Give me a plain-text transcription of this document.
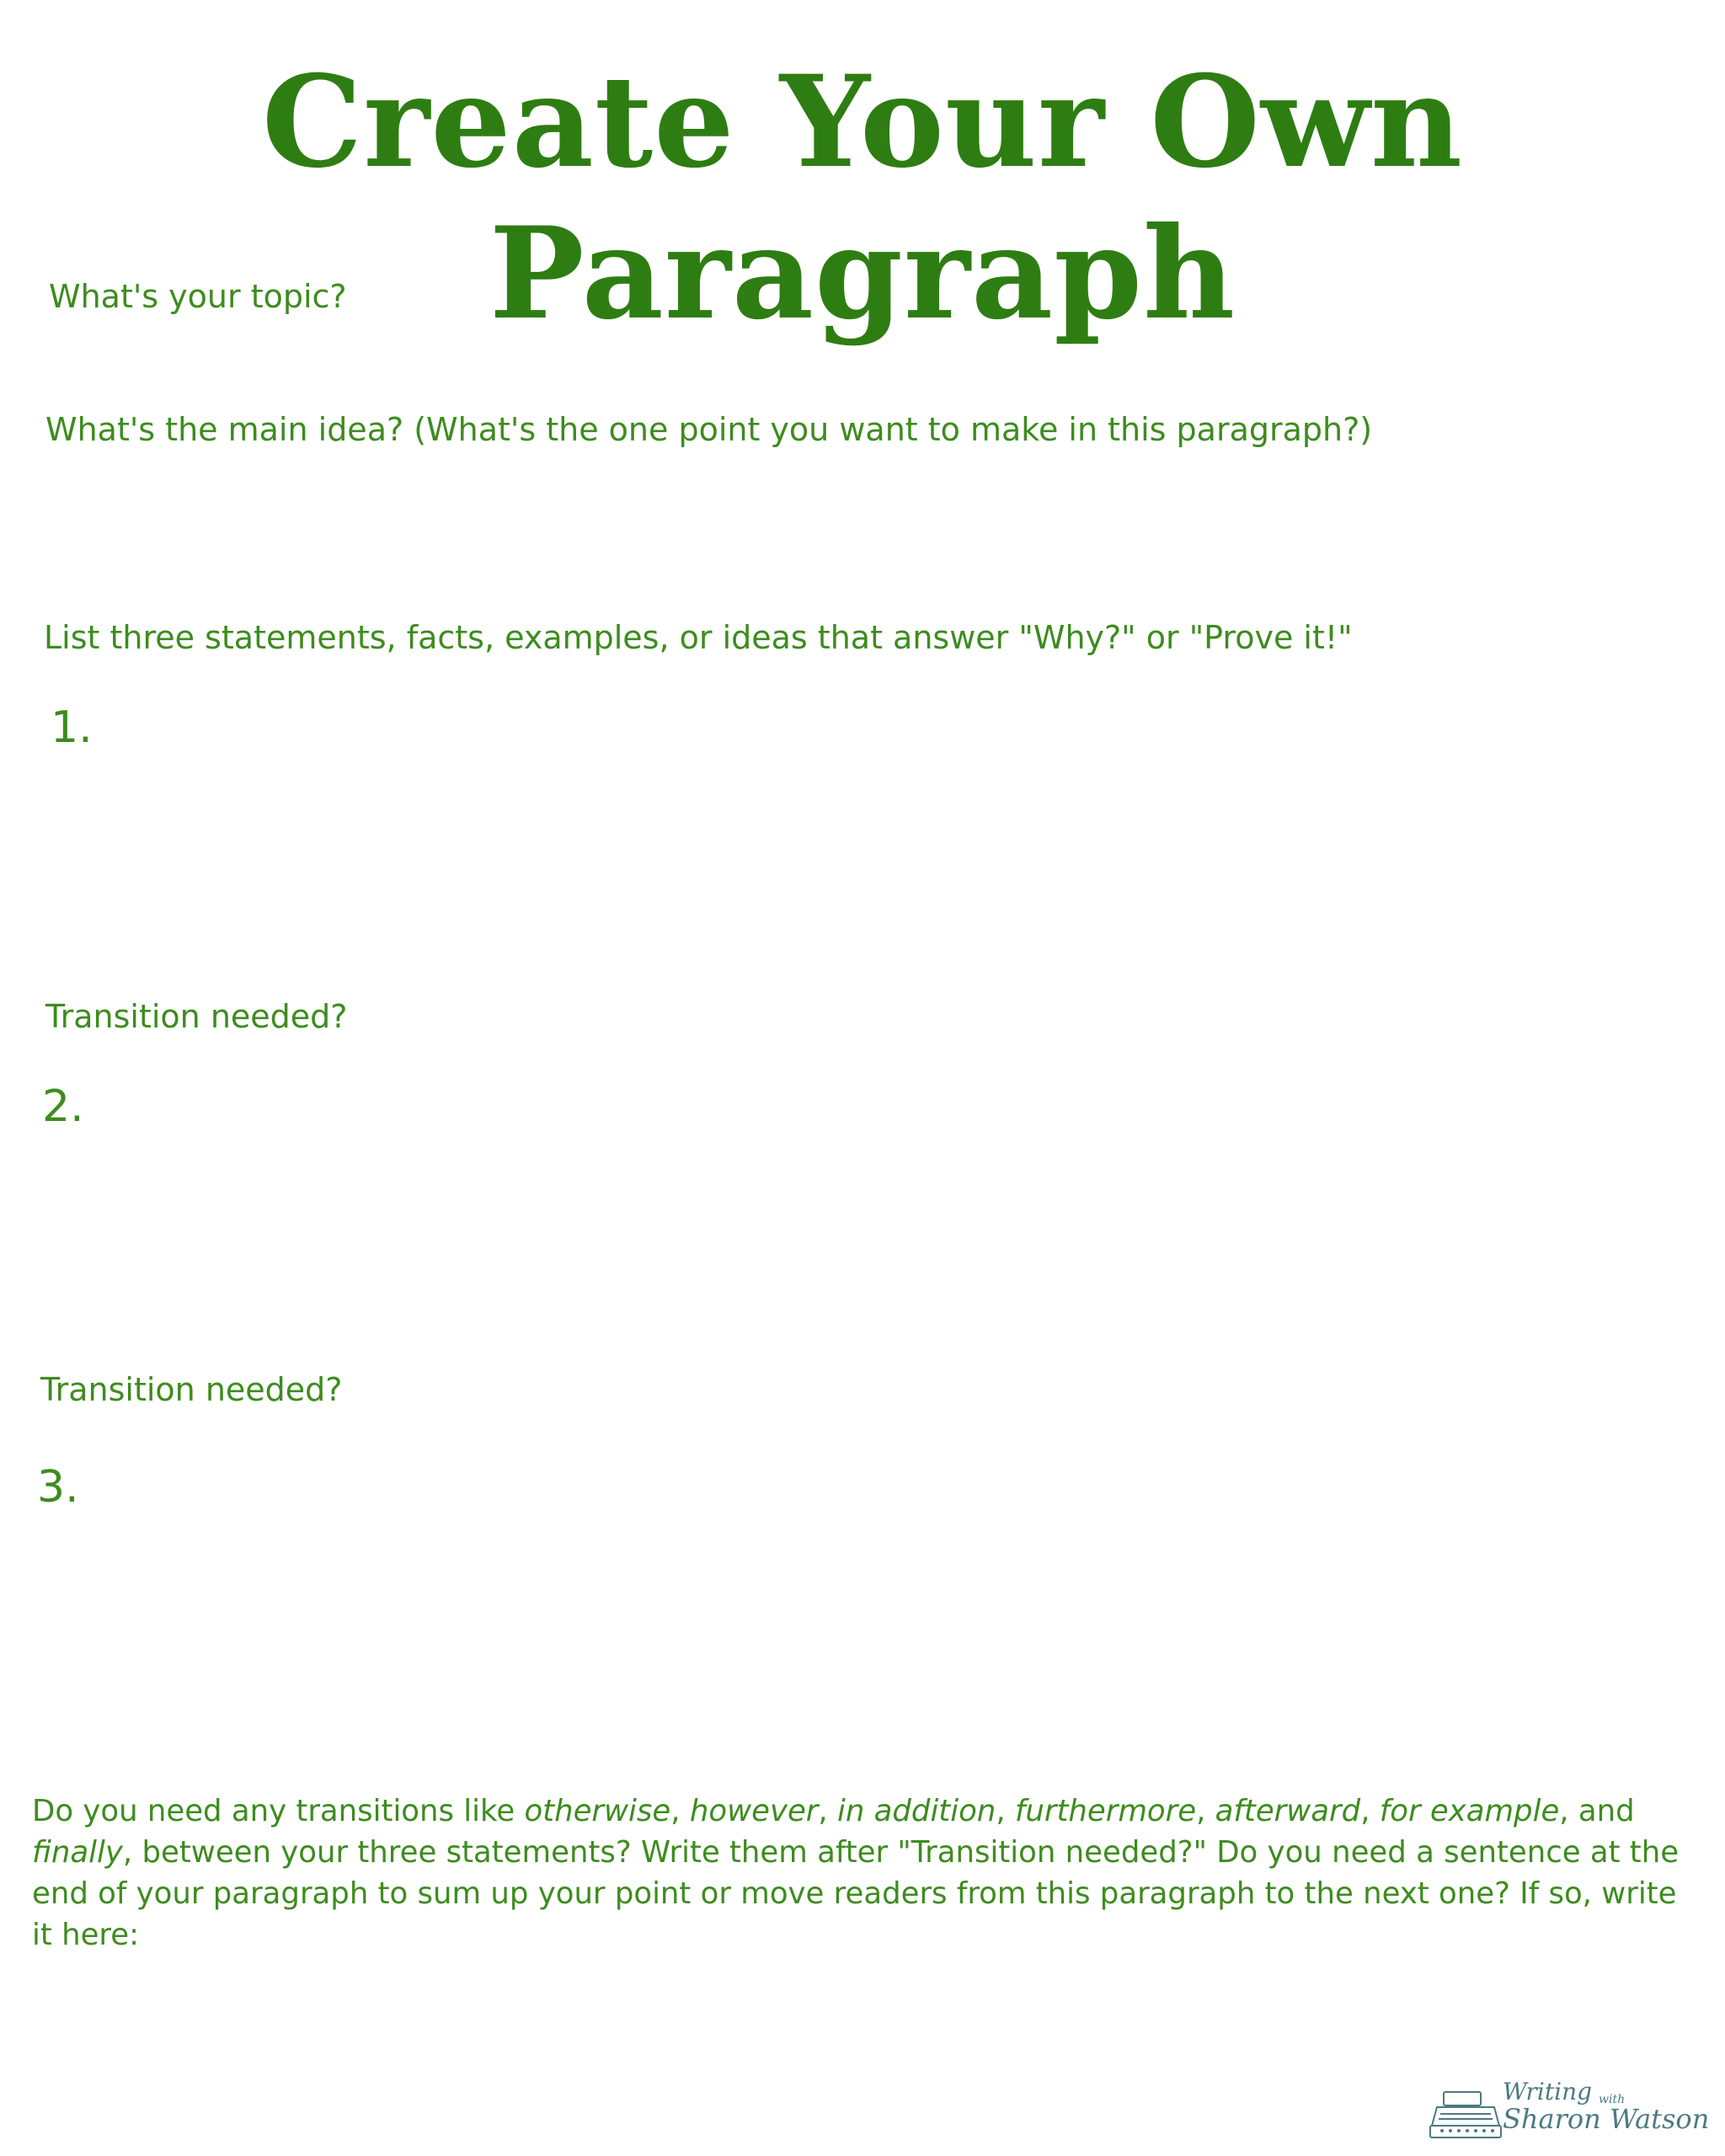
Create Your Own Paragraph

What's your topic?

What's the main idea? (What's the one point you want to make in this paragraph?)

List three statements, facts, examples, or ideas that answer "Why?" or "Prove it!"

1.

Transition needed?

2.

Transition needed?

3.

Do you need any transitions like otherwise, however, in addition, furthermore, afterward, for example, and finally, between your three statements? Write them after "Transition needed?" Do you need a sentence at the end of your paragraph to sum up your point or move readers from this paragraph to the next one? If so, write it here:

Writing with
Sharon Watson
